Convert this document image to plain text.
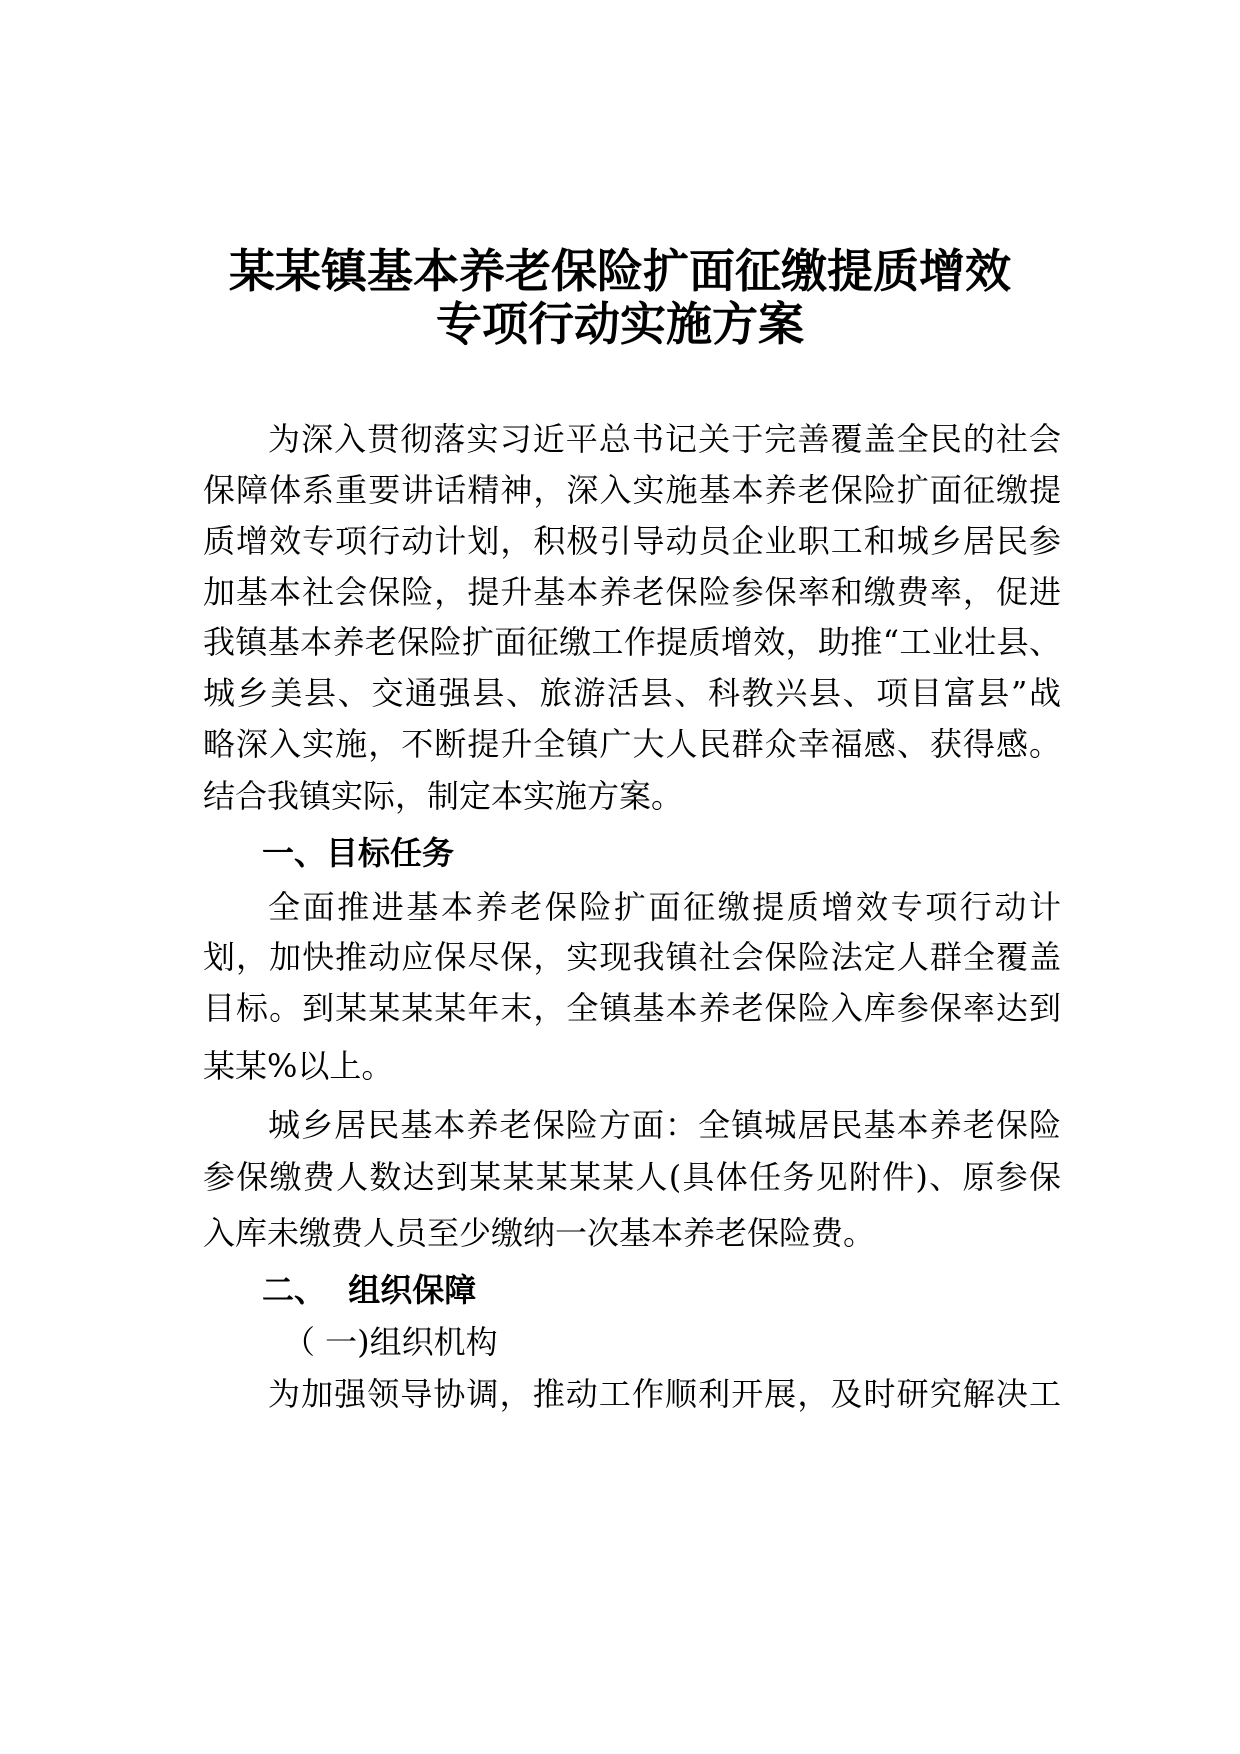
某某镇基本养老保险扩面征缴提质增效
专项行动实施方案

为深入贯彻落实习近平总书记关于完善覆盖全民的社会

保障体系重要讲话精神，深入实施基本养老保险扩面征缴提

质增效专项行动计划，积极引导动员企业职工和城乡居民参

加基本社会保险，提升基本养老保险参保率和缴费率，促进

我镇基本养老保险扩面征缴工作提质增效，助推“工业壮县、

城乡美县、交通强县、旅游活县、科教兴县、项目富县”战

略深入实施，不断提升全镇广大人民群众幸福感、获得感。

结合我镇实际，制定本实施方案。

一、目标任务

全面推进基本养老保险扩面征缴提质增效专项行动计

划，加快推动应保尽保，实现我镇社会保险法定人群全覆盖

目标。到某某某某年末，全镇基本养老保险入库参保率达到

某某%以上。

城乡居民基本养老保险方面：全镇城居民基本养老保险

参保缴费人数达到某某某某某人(具体任务见附件)、原参保

入库未缴费人员至少缴纳一次基本养老保险费。

二、  组织保障

（ 一)组织机构

为加强领导协调，推动工作顺利开展，及时研究解决工
